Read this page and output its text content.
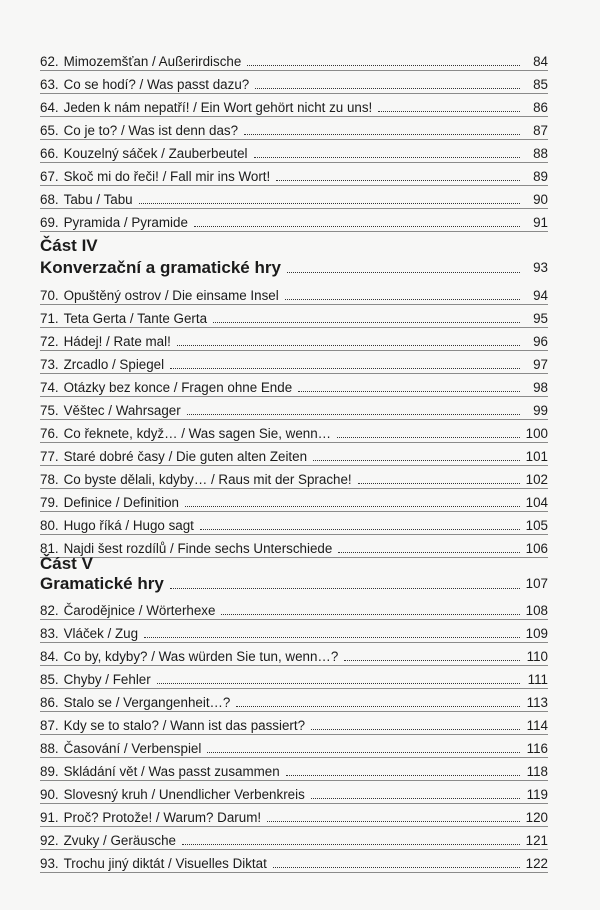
62. Mimozemšťan / Außerirdische	84
63. Co se hodí? / Was passt dazu?	85
64. Jeden k nám nepatří! / Ein Wort gehört nicht zu uns!	86
65. Co je to? / Was ist denn das?	87
66. Kouzelný sáček / Zauberbeutel	88
67. Skoč mi do řeči! / Fall mir ins Wort!	89
68. Tabu / Tabu	90
69. Pyramida / Pyramide	91
Část IV
Konverzační a gramatické hry	93
70. Opuštěný ostrov / Die einsame Insel	94
71. Teta Gerta / Tante Gerta	95
72. Hádej! / Rate mal!	96
73. Zrcadlo / Spiegel	97
74. Otázky bez konce / Fragen ohne Ende	98
75. Věštec / Wahrsager	99
76. Co řeknete, když… / Was sagen Sie, wenn…	100
77. Staré dobré časy / Die guten alten Zeiten	101
78. Co byste dělali, kdyby… / Raus mit der Sprache!	102
79. Definice / Definition	104
80. Hugo říká / Hugo sagt	105
81. Najdi šest rozdílů / Finde sechs Unterschiede	106
Část V
Gramatické hry	107
82. Čarodějnice / Wörterhexe	108
83. Vláček / Zug	109
84. Co by, kdyby? / Was würden Sie tun, wenn…?	110
85. Chyby / Fehler	111
86. Stalo se / Vergangenheit…?	113
87. Kdy se to stalo? / Wann ist das passiert?	114
88. Časování / Verbenspiel	116
89. Skládání vět / Was passt zusammen	118
90. Slovesný kruh / Unendlicher Verbenkreis	119
91. Proč? Protože! / Warum? Darum!	120
92. Zvuky / Geräusche	121
93. Trochu jiný diktát / Visuelles Diktat	122
